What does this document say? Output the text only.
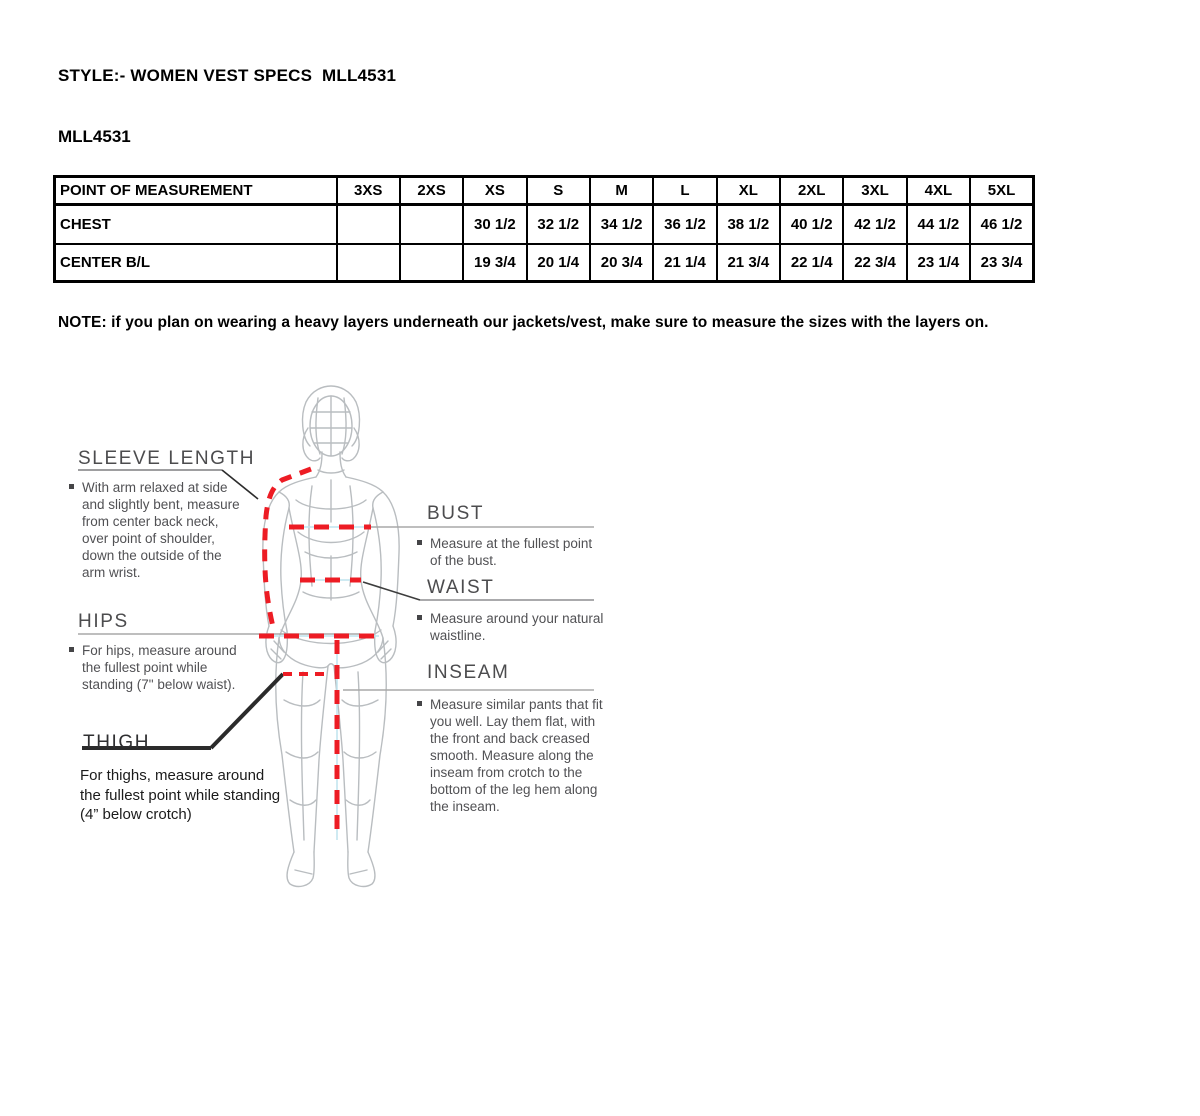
STYLE:- WOMEN VEST SPECS  MLL4531
MLL4531
POINT OF MEASUREMENT	3XS	2XS	XS	S	M	L	XL	2XL	3XL	4XL	5XL
CHEST			30 1/2	32 1/2	34 1/2	36 1/2	38 1/2	40 1/2	42 1/2	44 1/2	46 1/2
CENTER B/L			19 3/4	20 1/4	20 3/4	21 1/4	21 3/4	22 1/4	22 3/4	23 1/4	23 3/4
NOTE: if you plan on wearing a heavy layers underneath our jackets/vest, make sure to measure the sizes with the layers on.
SLEEVE LENGTH
With arm relaxed at side and slightly bent, measure from center back neck, over point of shoulder, down the outside of the arm wrist.
HIPS
For hips, measure around the fullest point while standing (7" below waist).
THIGH
For thighs, measure around the fullest point while standing (4” below crotch)
BUST
Measure at the fullest point of the bust.
WAIST
Measure around your natural waistline.
INSEAM
Measure similar pants that fit you well. Lay them flat, with the front and back creased smooth. Measure along the inseam from crotch to the bottom of the leg hem along the inseam.
